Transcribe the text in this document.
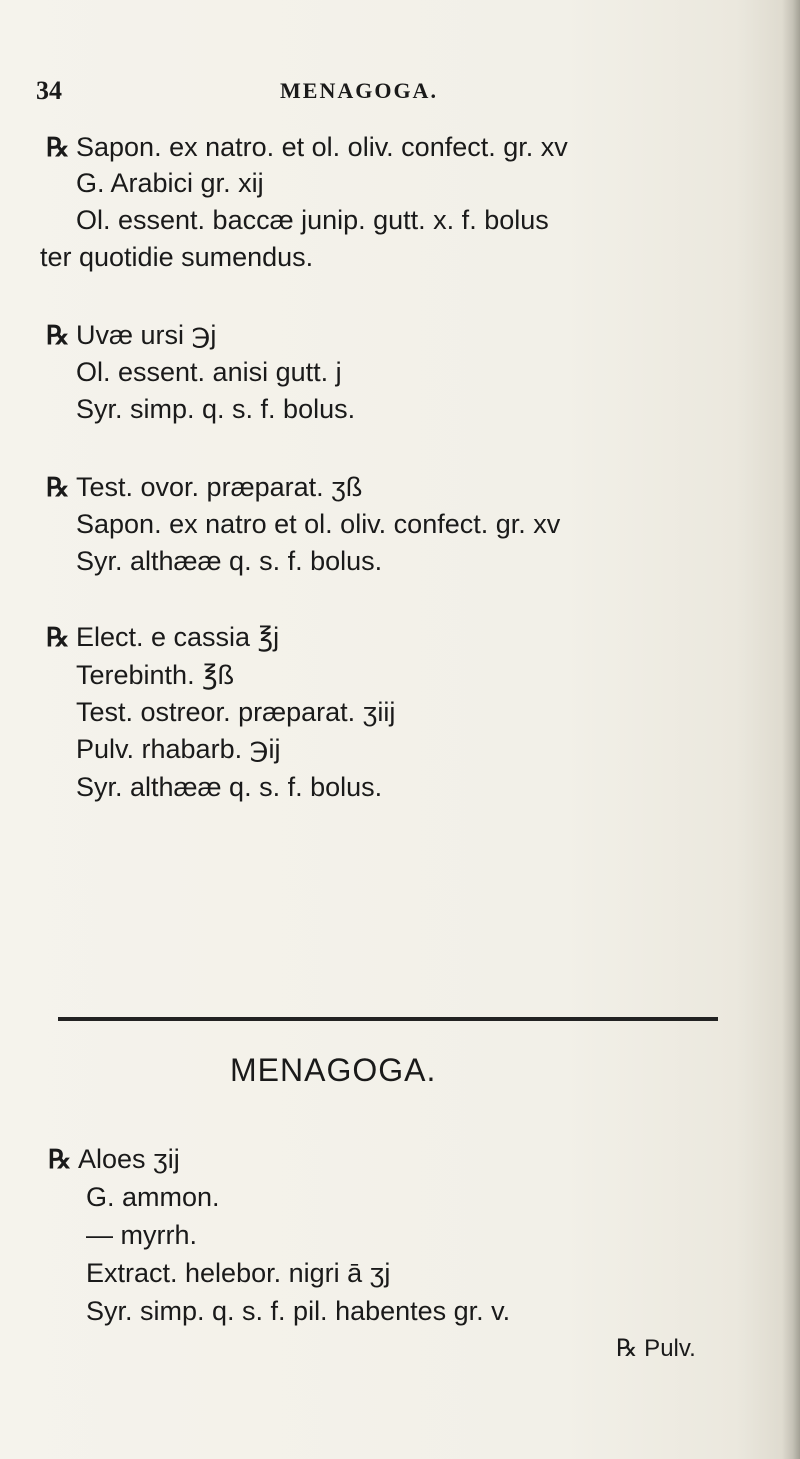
34	MENAGOGA.
℞ Sapon. ex natro. et ol. oliv. confect. gr. xv
G. Arabici gr. xij
Ol. essent. baccæ junip. gutt. x. f. bolus
ter quotidie sumendus.
℞ Uvæ ursi ℈j
Ol. essent. anisi gutt. j
Syr. simp. q. s. f. bolus.
℞ Test. ovor. præparat. ʒß
Sapon. ex natro et ol. oliv. confect. gr. xv
Syr. althææ q. s. f. bolus.
℞ Elect. e cassia ℥j
Terebinth. ℥ß
Test. ostreor. præparat. ʒiij
Pulv. rhabarb. ℈ij
Syr. althææ q. s. f. bolus.
MENAGOGA.
℞ Aloes ʒij
G. ammon.
— myrrh.
Extract. helebor. nigri ā ʒj
Syr. simp. q. s. f. pil. habentes gr. v.
℞ Pulv.
